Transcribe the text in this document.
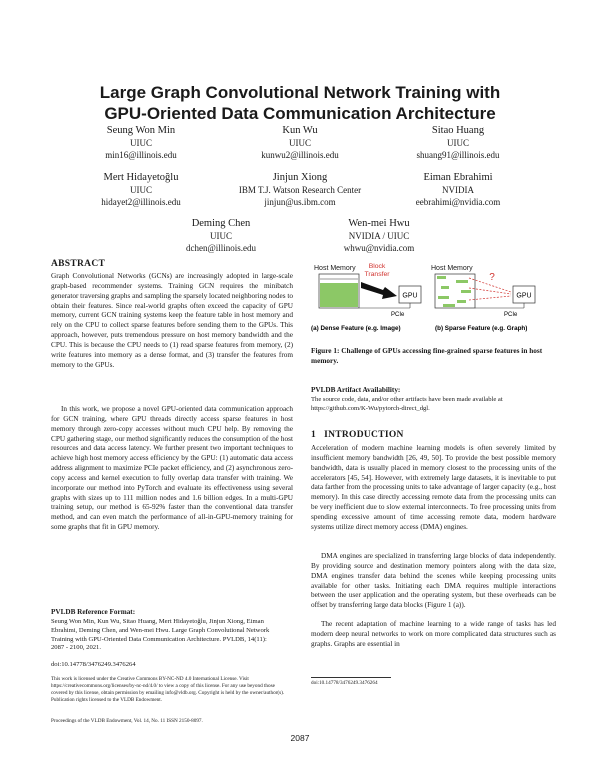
Large Graph Convolutional Network Training with
GPU-Oriented Data Communication Architecture
Seung Won Min
UIUC
min16@illinois.edu
Kun Wu
UIUC
kunwu2@illinois.edu
Sitao Huang
UIUC
shuang91@illinois.edu
Mert Hidayetoğlu
UIUC
hidayet2@illinois.edu
Jinjun Xiong
IBM T.J. Watson Research Center
jinjun@us.ibm.com
Eiman Ebrahimi
NVIDIA
eebrahimi@nvidia.com
Deming Chen
UIUC
dchen@illinois.edu
Wen-mei Hwu
NVIDIA / UIUC
whwu@nvidia.com
ABSTRACT
Graph Convolutional Networks (GCNs) are increasingly adopted in large-scale graph-based recommender systems. Training GCN requires the minibatch generator traversing graphs and sampling the sparsely located neighboring nodes to obtain their features. Since real-world graphs often exceed the capacity of GPU memory, current GCN training systems keep the feature table in host memory and rely on the CPU to collect sparse features before sending them to the GPUs. This approach, however, puts tremendous pressure on host memory bandwidth and the CPU. This is because the CPU needs to (1) read sparse features from memory, (2) write features into memory as a dense format, and (3) transfer the features from memory to the GPUs.
In this work, we propose a novel GPU-oriented data communication approach for GCN training, where GPU threads directly access sparse features in host memory through zero-copy accesses without much CPU help. By removing the CPU gathering stage, our method significantly reduces the consumption of the host resources and data access latency. We further present two important techniques to achieve high host memory access efficiency by the GPU: (1) automatic data access address alignment to maximize PCIe packet efficiency, and (2) asynchronous zero-copy access and kernel execution to fully overlap data transfer with training. We incorporate our method into PyTorch and evaluate its effectiveness using several graphs with sizes up to 111 million nodes and 1.6 billion edges. In a multi-GPU training setup, our method is 65-92% faster than the conventional data transfer method, and can even match the performance of all-in-GPU-memory training for some graphs that fit in GPU memory.
PVLDB Reference Format:
Seung Won Min, Kun Wu, Sitao Huang, Mert Hidayetoğlu, Jinjun Xiong, Eiman Ebrahimi, Deming Chen, and Wen-mei Hwu. Large Graph Convolutional Network Training with GPU-Oriented Data Communication Architecture. PVLDB, 14(11): 2087 - 2100, 2021.
doi:10.14778/3476249.3476264
This work is licensed under the Creative Commons BY-NC-ND 4.0 International License. Visit https://creativecommons.org/licenses/by-nc-nd/4.0/ to view a copy of this license. For any use beyond those covered by this license, obtain permission by emailing info@vldb.org. Copyright is held by the owner/author(s). Publication rights licensed to the VLDB Endowment.
Proceedings of the VLDB Endowment, Vol. 14, No. 11 ISSN 2150-8097.
Host Memory Block
Transfer
GPU
PCIe
(a) Dense Feature (e.g. Image)
Host Memory
?
GPU
PCIe
(b) Sparse Feature (e.g. Graph)
Figure 1: Challenge of GPUs accessing fine-grained sparse features in host memory.
PVLDB Artifact Availability:
The source code, data, and/or other artifacts have been made available at https://github.com/K-Wu/pytorch-direct_dgl.
1   INTRODUCTION
Acceleration of modern machine learning models is often severely limited by insufficient memory bandwidth [26, 49, 50]. To provide the best possible memory bandwidth, data is usually placed in memory closest to the processing units of the accelerators [45, 54]. However, with extremely large datasets, it is inevitable to put data farther from the processing units to take advantage of larger capacity (e.g., host memory). In this case directly accessing remote data from the processing units can be very inefficient due to slow external interconnects. To free processing units from spending excessive amount of time accessing remote data, modern hardware systems utilize direct memory access (DMA) engines.
DMA engines are specialized in transferring large blocks of data independently. By providing source and destination memory pointers along with the data size, DMA engines transfer data behind the scenes while keeping processing units available for other tasks. Initiating each DMA requires multiple interactions between the user application and the operating system, but these overheads can be offset by transferring large data blocks (Figure 1 (a)).
The recent adaptation of machine learning to a wide range of tasks has led modern deep neural networks to work on more complicated data structures such as graphs. Graphs are essential in
doi:10.14778/3476249.3476264
2087
